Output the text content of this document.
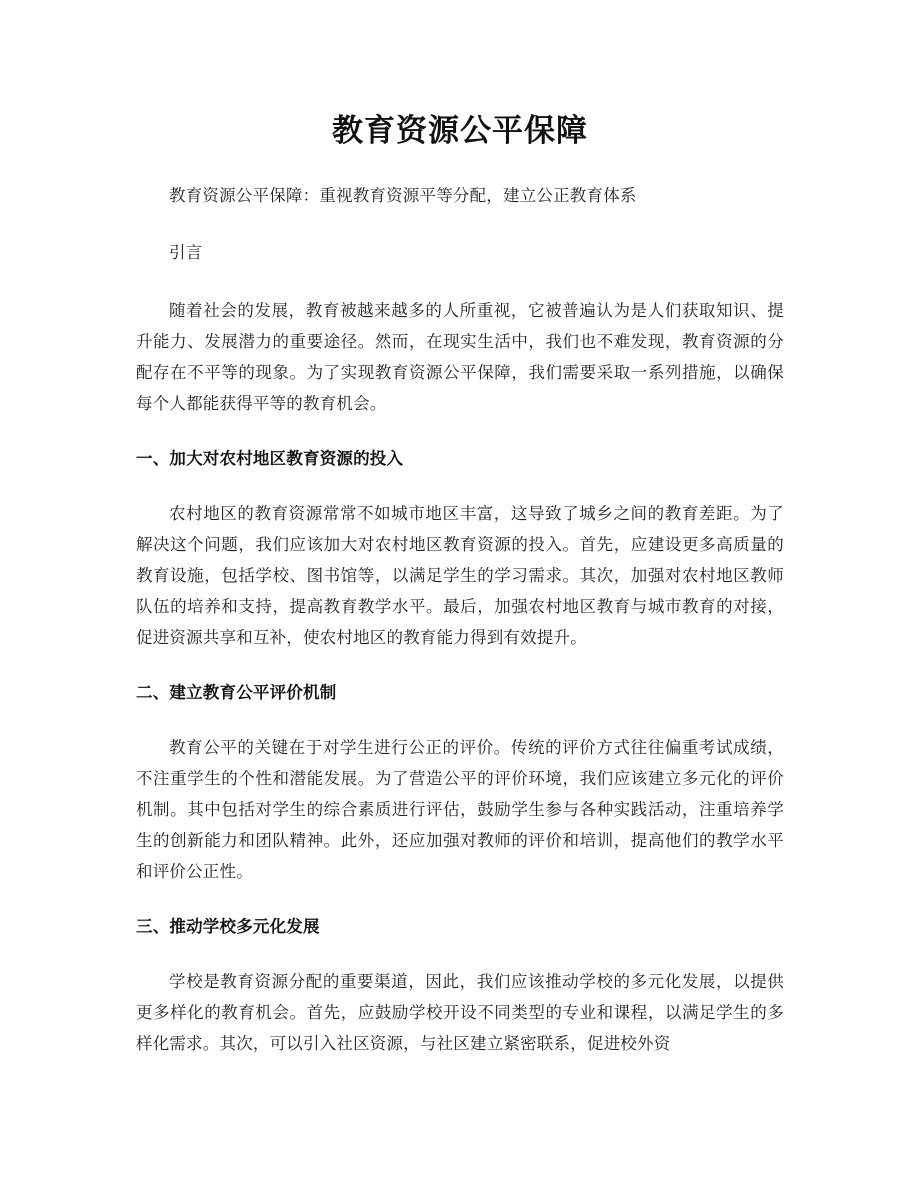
教育资源公平保障

教育资源公平保障：重视教育资源平等分配，建立公正教育体系

引言

随着社会的发展，教育被越来越多的人所重视，它被普遍认为是人们获取知识、提升能力、发展潜力的重要途径。然而，在现实生活中，我们也不难发现，教育资源的分配存在不平等的现象。为了实现教育资源公平保障，我们需要采取一系列措施，以确保每个人都能获得平等的教育机会。

一、加大对农村地区教育资源的投入

农村地区的教育资源常常不如城市地区丰富，这导致了城乡之间的教育差距。为了解决这个问题，我们应该加大对农村地区教育资源的投入。首先，应建设更多高质量的教育设施，包括学校、图书馆等，以满足学生的学习需求。其次，加强对农村地区教师队伍的培养和支持，提高教育教学水平。最后，加强农村地区教育与城市教育的对接，促进资源共享和互补，使农村地区的教育能力得到有效提升。

二、建立教育公平评价机制

教育公平的关键在于对学生进行公正的评价。传统的评价方式往往偏重考试成绩，不注重学生的个性和潜能发展。为了营造公平的评价环境，我们应该建立多元化的评价机制。其中包括对学生的综合素质进行评估，鼓励学生参与各种实践活动，注重培养学生的创新能力和团队精神。此外，还应加强对教师的评价和培训，提高他们的教学水平和评价公正性。

三、推动学校多元化发展

学校是教育资源分配的重要渠道，因此，我们应该推动学校的多元化发展，以提供更多样化的教育机会。首先，应鼓励学校开设不同类型的专业和课程，以满足学生的多样化需求。其次，可以引入社区资源，与社区建立紧密联系，促进校外资
